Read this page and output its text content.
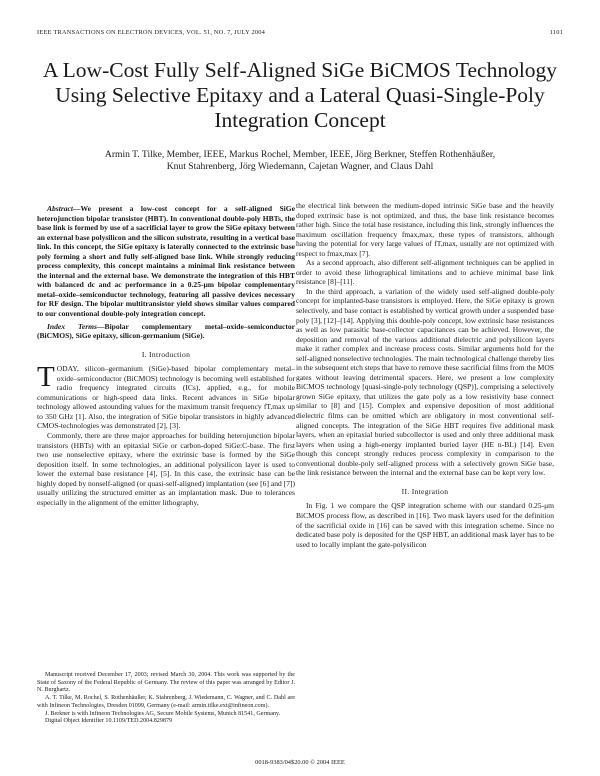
IEEE TRANSACTIONS ON ELECTRON DEVICES, VOL. 51, NO. 7, JULY 2004	1101
A Low-Cost Fully Self-Aligned SiGe BiCMOS Technology Using Selective Epitaxy and a Lateral Quasi-Single-Poly Integration Concept
Armin T. Tilke, Member, IEEE, Markus Rochel, Member, IEEE, Jörg Berkner, Steffen Rothenhäußer,
Knut Stahrenberg, Jörg Wiedemann, Cajetan Wagner, and Claus Dahl

Abstract—We present a low-cost concept for a self-aligned SiGe heterojunction bipolar transistor (HBT). In conventional double-poly HBTs, the base link is formed by use of a sacrificial layer to grow the SiGe epitaxy between an external base polysilicon and the silicon substrate, resulting in a vertical base link. In this concept, the SiGe epitaxy is laterally connected to the extrinsic base poly forming a short and fully self-aligned base link. While strongly reducing process complexity, this concept maintains a minimal link resistance between the internal and the external base. We demonstrate the integration of this HBT with balanced dc and ac performance in a 0.25-μm bipolar complementary metal–oxide–semiconductor technology, featuring all passive devices necessary for RF design. The bipolar multitransistor yield shows similar values compared to our conventional double-poly integration concept.

Index Terms—Bipolar complementary metal–oxide–semiconductor (BiCMOS), SiGe epitaxy, silicon-germanium (SiGe).

I. Introduction

TODAY, silicon–germanium (SiGe)-based bipolar complementary metal–oxide–semiconductor (BiCMOS) technology is becoming well established for radio frequency integrated circuits (ICs), applied, e.g., for mobile communications or high-speed data links. Recent advances in SiGe bipolar technology allowed astounding values for the maximum transit frequency fT,max up to 350 GHz [1]. Also, the integration of SiGe bipolar transistors in highly advanced CMOS-technologies was demonstrated [2], [3].

Commonly, there are three major approaches for building heterojunction bipolar transistors (HBTs) with an epitaxial SiGe or carbon-doped SiGe:C-base. The first two use nonselective epitaxy, where the extrinsic base is formed by the SiGe deposition itself. In some technologies, an additional polysilicon layer is used to lower the external base resistance [4], [5]. In this case, the extrinsic base can be highly doped by nonself-aligned (or quasi-self-aligned) implantation (see [6] and [7]) usually utilizing the structured emitter as an implantation mask. Due to tolerances especially in the alignment of the emitter lithography,

the electrical link between the medium-doped intrinsic SiGe base and the heavily doped extrinsic base is not optimized, and thus, the base link resistance becomes rather high. Since the total base resistance, including this link, strongly influences the maximum oscillation frequency fmax,max, these types of transistors, although having the potential for very large values of fT,max, usually are not optimized with respect to fmax,max [7].

As a second approach, also different self-alignment techniques can be applied in order to avoid these lithographical limitations and to achieve minimal base link resistance [8]–[11].

In the third approach, a variation of the widely used self-aligned double-poly concept for implanted-base transistors is employed. Here, the SiGe epitaxy is grown selectively, and base contact is established by vertical growth under a suspended base poly [3], [12]–[14]. Applying this double-poly concept, low extrinsic base resistances as well as low parasitic base-collector capacitances can be achieved. However, the deposition and removal of the various additional dielectric and polysilicon layers make it rather complex and increase process costs. Similar arguments hold for the self-aligned nonselective technologies. The main technological challenge thereby lies in the subsequent etch steps that have to remove these sacrificial films from the MOS gates without leaving detrimental spacers. Here, we present a low complexity BiCMOS technology [quasi-single-poly technology (QSP)], comprising a selectively grown SiGe epitaxy, that utilizes the gate poly as a low resistivity base connect similar to [8] and [15]. Complex and expensive deposition of most additional dielectric films can be omitted which are obligatory in most conventional self-aligned concepts. The integration of the SiGe HBT requires five additional mask layers, when an epitaxial buried subcollector is used and only three additional mask layers when using a high-energy implanted buried layer (HE n-BL) [14]. Even though this concept strongly reduces process complexity in comparison to the conventional double-poly self-aligned process with a selectively grown SiGe base, the link resistance between the internal and the external base can be kept very low.

II. Integration

In Fig. 1 we compare the QSP integration scheme with our standard 0.25-μm BiCMOS process flow, as described in [16]. Two mask layers used for the definition of the sacrificial oxide in [16] can be saved with this integration scheme. Since no dedicated base poly is deposited for the QSP HBT, an additional mask layer has to be used to locally implant the gate-polysilicon

Manuscript received December 17, 2003; revised March 30, 2004. This work was supported by the State of Saxony of the Federal Republic of Germany. The review of this paper was arranged by Editor J. N. Burghartz.

A. T. Tilke, M. Rochel, S. Rothenhäußer, K. Stahrenberg, J. Wiedemann, C. Wagner, and C. Dahl are with Infineon Technologies, Dresden 01099, Germany (e-mail: armin.tilke.ext@infineon.com).

J. Berkner is with Infineon Technologies AG, Secure Mobile Systems, Munich 81541, Germany.

Digital Object Identifier 10.1109/TED.2004.829879

0018-9383/04$20.00 © 2004 IEEE
